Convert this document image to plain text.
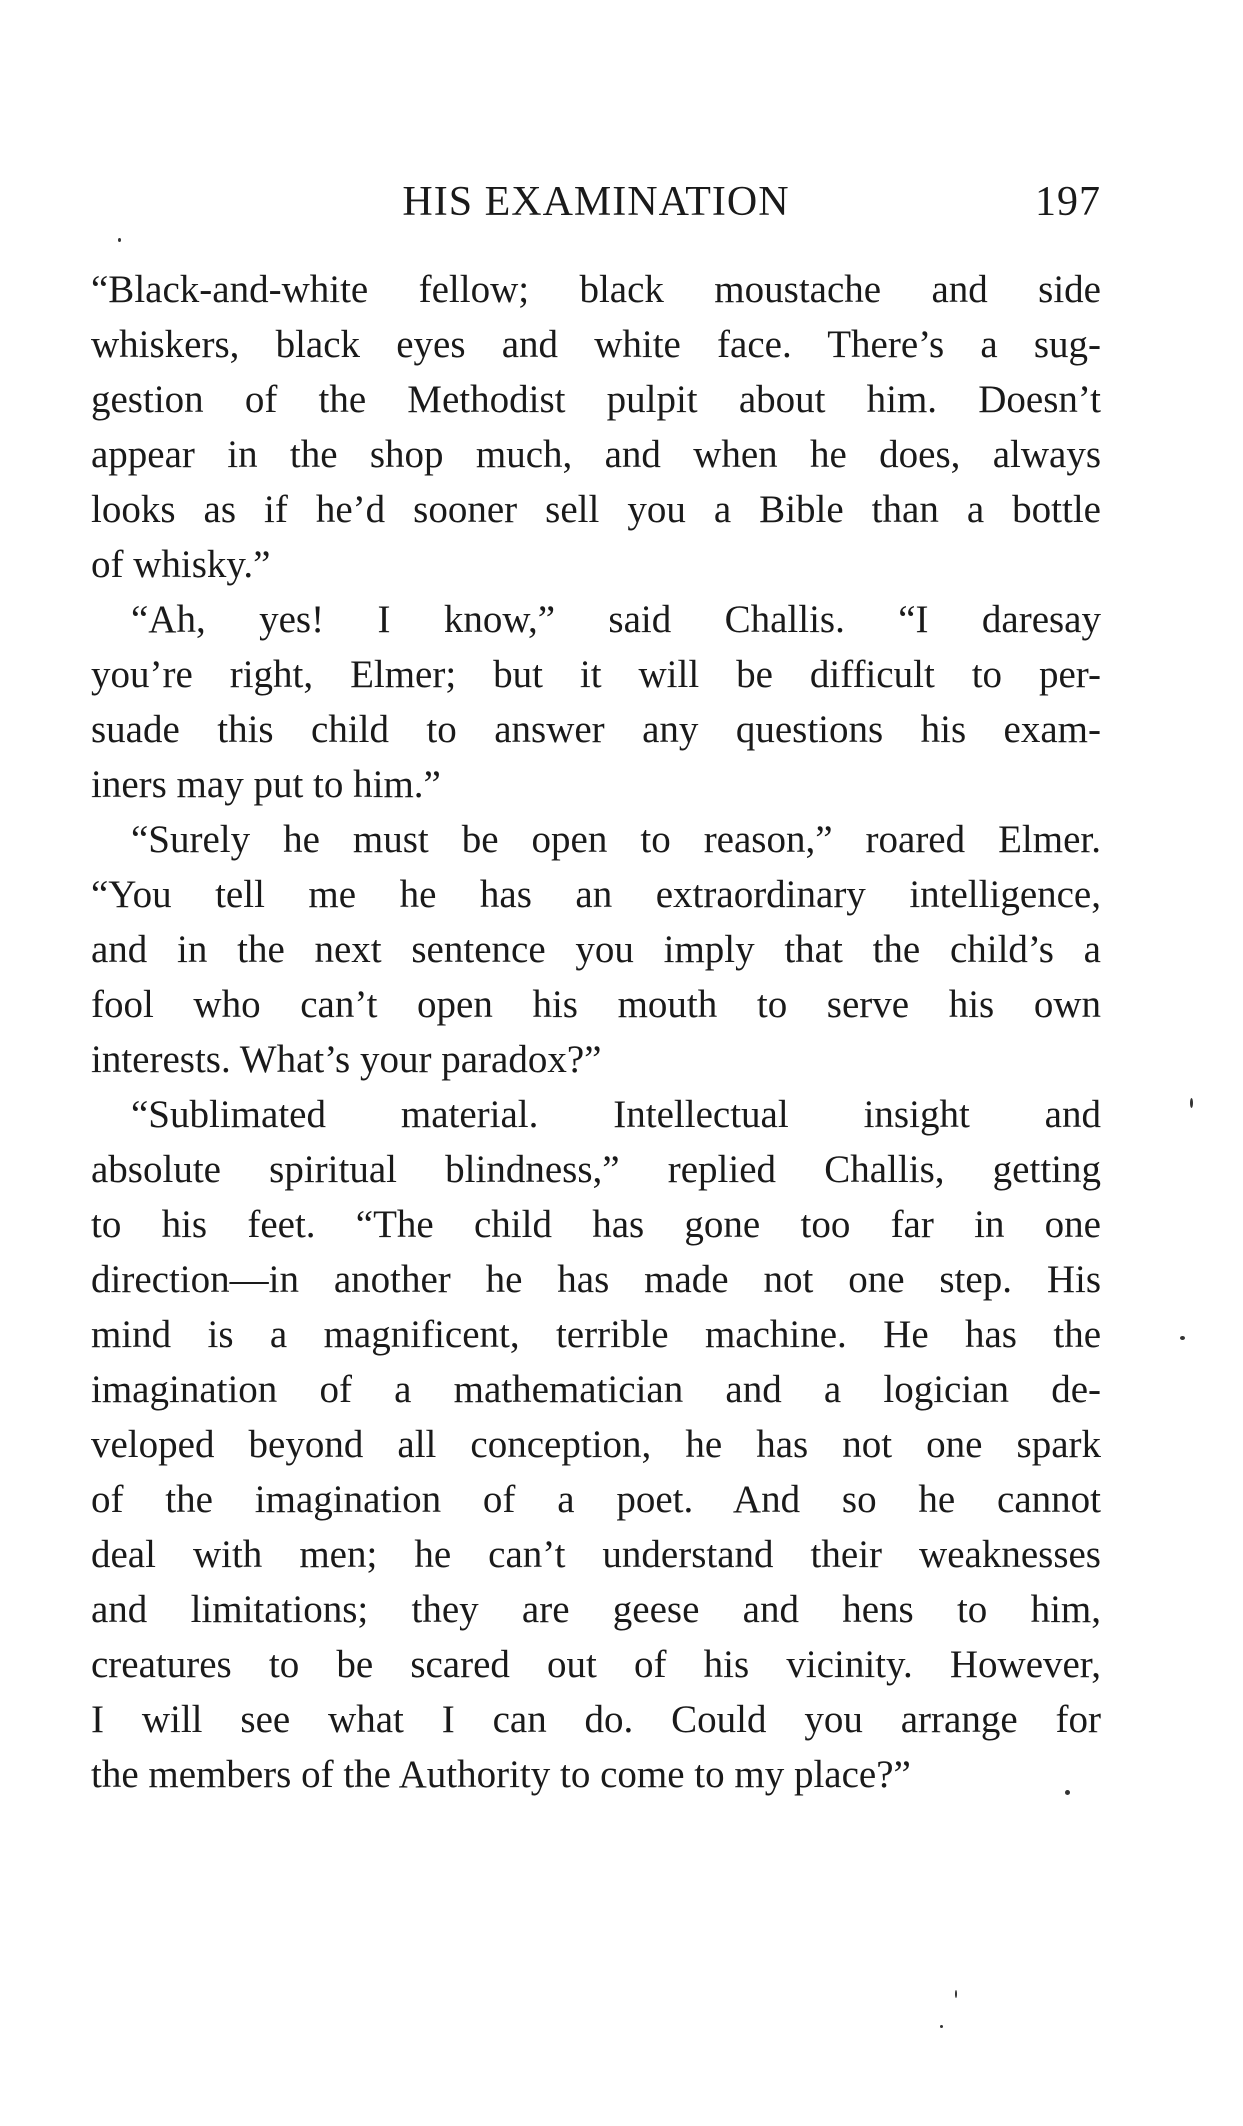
HIS EXAMINATION	197
“Black-and-white fellow; black moustache and side
whiskers, black eyes and white face. There’s a sug-
gestion of the Methodist pulpit about him. Doesn’t
appear in the shop much, and when he does, always
looks as if he’d sooner sell you a Bible than a bottle
of whisky.”
“Ah, yes! I know,” said Challis. “I daresay
you’re right, Elmer; but it will be difficult to per-
suade this child to answer any questions his exam-
iners may put to him.”
“Surely he must be open to reason,” roared Elmer.
“You tell me he has an extraordinary intelligence,
and in the next sentence you imply that the child’s a
fool who can’t open his mouth to serve his own
interests. What’s your paradox?”
“Sublimated material. Intellectual insight and
absolute spiritual blindness,” replied Challis, getting
to his feet. “The child has gone too far in one
direction—in another he has made not one step. His
mind is a magnificent, terrible machine. He has the
imagination of a mathematician and a logician de-
veloped beyond all conception, he has not one spark
of the imagination of a poet. And so he cannot
deal with men; he can’t understand their weaknesses
and limitations; they are geese and hens to him,
creatures to be scared out of his vicinity. However,
I will see what I can do. Could you arrange for
the members of the Authority to come to my place?”
